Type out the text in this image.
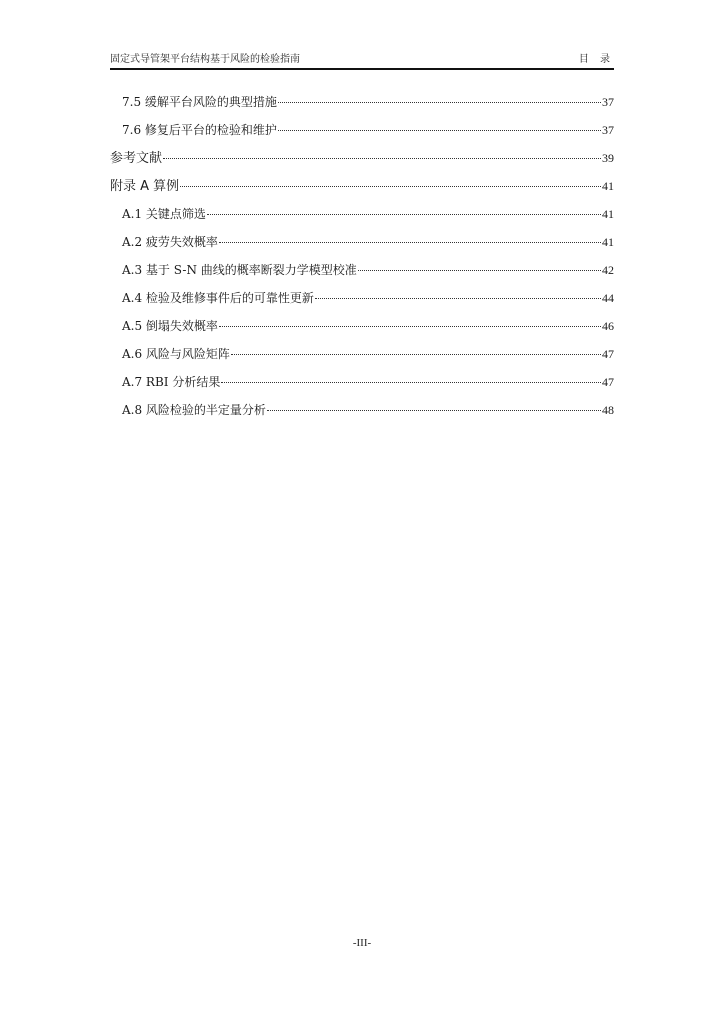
固定式导管架平台结构基于风险的检验指南	目 录
7.5 缓解平台风险的典型措施	37
7.6 修复后平台的检验和维护	37
参考文献	39
附录 A 算例	41
A.1 关键点筛选	41
A.2 疲劳失效概率	41
A.3 基于 S-N 曲线的概率断裂力学模型校准	42
A.4 检验及维修事件后的可靠性更新	44
A.5 倒塌失效概率	46
A.6 风险与风险矩阵	47
A.7 RBI 分析结果	47
A.8 风险检验的半定量分析	48
-III-
